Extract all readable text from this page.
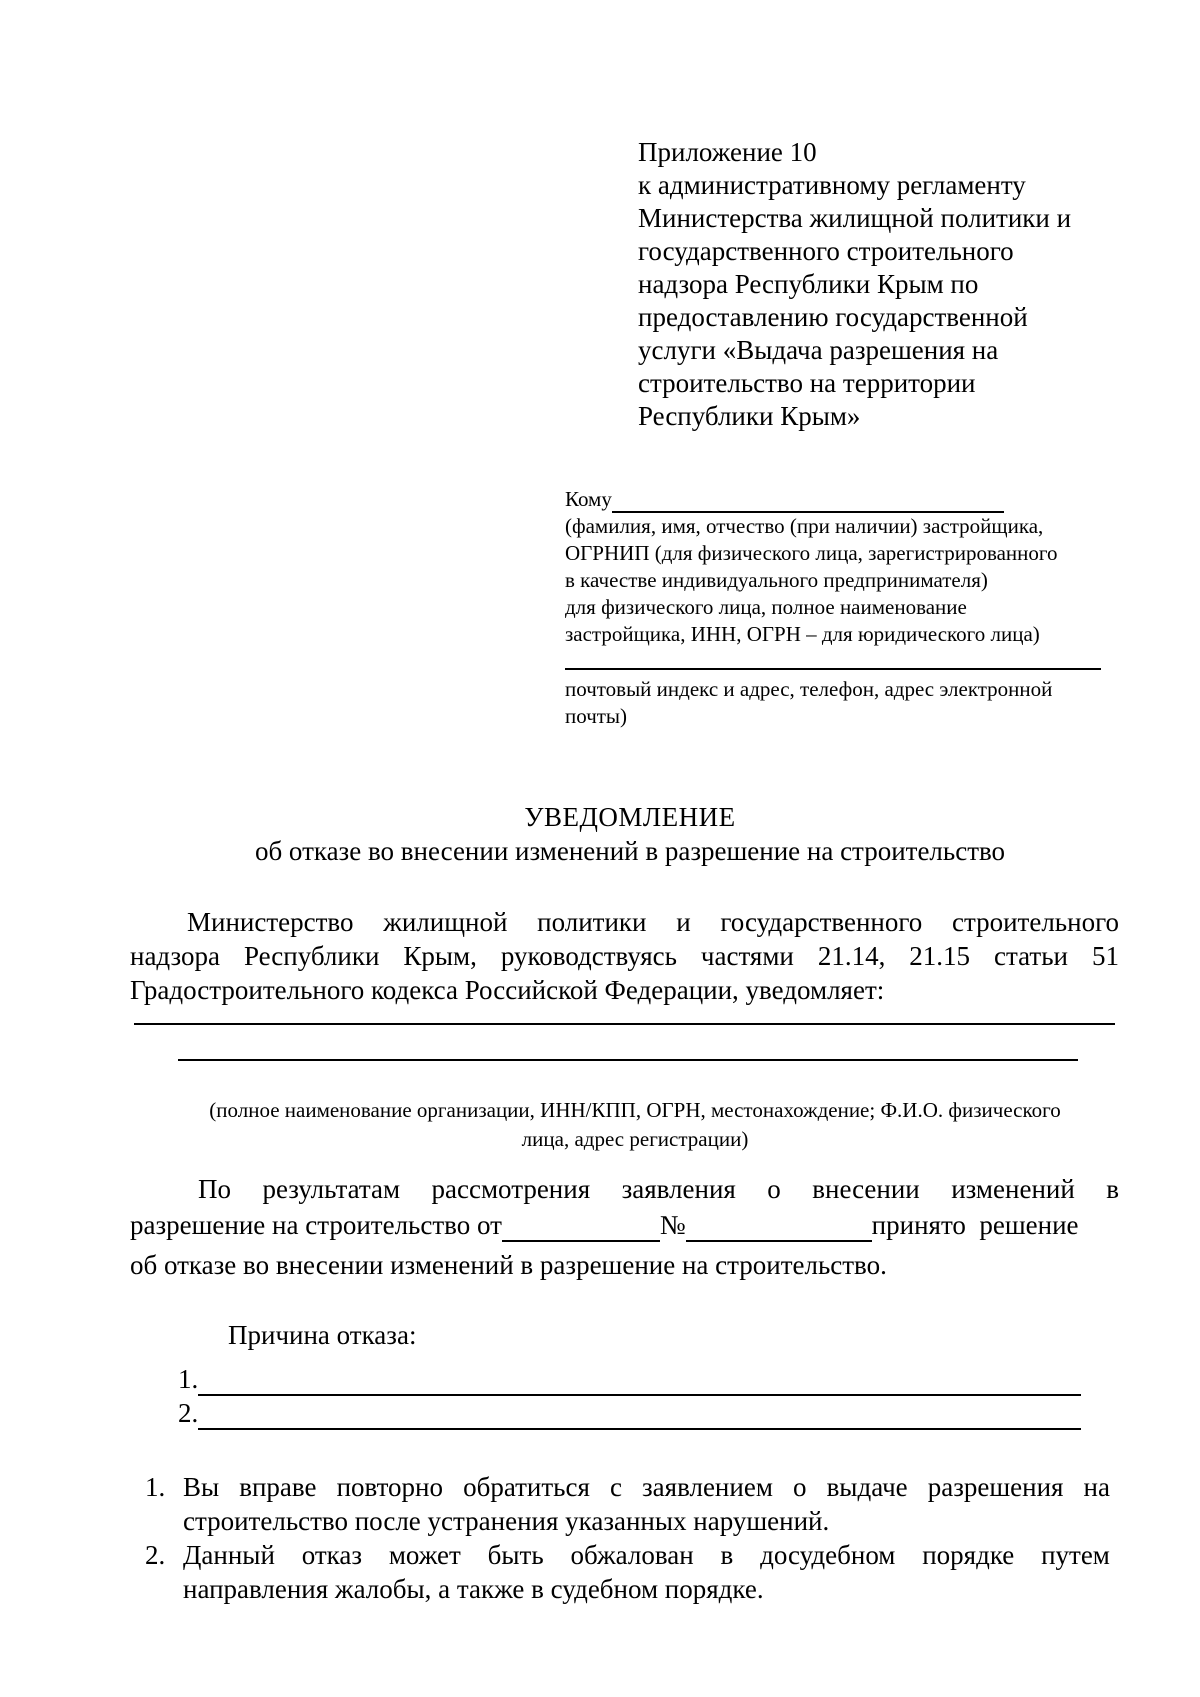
Приложение 10
к административному регламенту
Министерства жилищной политики и
государственного строительного
надзора Республики Крым по
предоставлению государственной
услуги «Выдача разрешения на
строительство на территории
Республики Крым»
Кому
(фамилия, имя, отчество (при наличии) застройщика,
ОГРНИП (для физического лица, зарегистрированного
в качестве индивидуального предпринимателя)
для физического лица, полное наименование
застройщика, ИНН, ОГРН – для юридического лица)
почтовый индекс и адрес, телефон, адрес электронной
почты)
УВЕДОМЛЕНИЕ
об отказе во внесении изменений в разрешение на строительство
Министерство жилищной политики и государственного строительного
надзора Республики Крым, руководствуясь частями 21.14, 21.15 статьи 51
Градостроительного кодекса Российской Федерации, уведомляет:
(полное наименование организации, ИНН/КПП, ОГРН, местонахождение; Ф.И.О. физического
лица, адрес регистрации)
По результатам рассмотрения заявления о внесении изменений в
разрешение на строительство от	№	принято  решение
об отказе во внесении изменений в разрешение на строительство.
Причина отказа:
1.
2.
1. Вы вправе повторно обратиться с заявлением о выдаче разрешения на
строительство после устранения указанных нарушений.
2. Данный отказ может быть обжалован в досудебном порядке путем
направления жалобы, а также в судебном порядке.
